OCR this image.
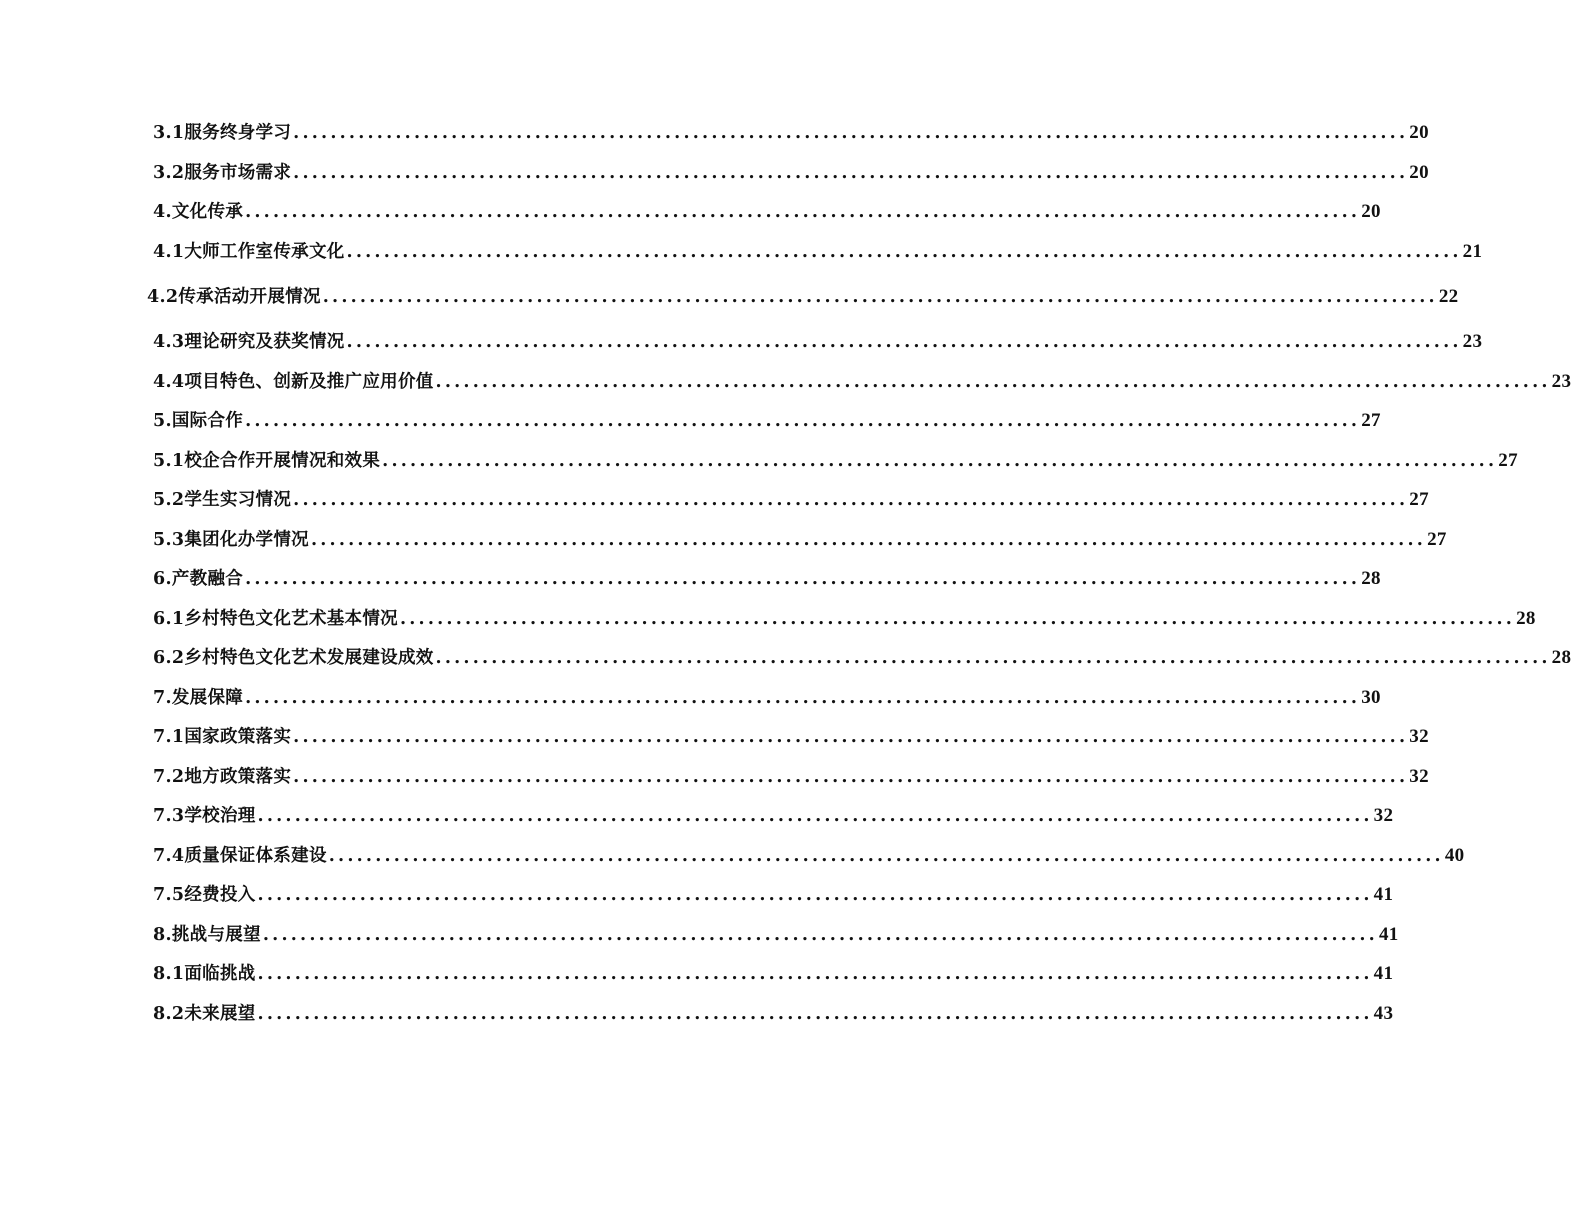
3.1服务终身学习 ........................................................................................................................ 20
3.2服务市场需求 ........................................................................................................................ 20
4.文化传承 ........................................................................................................................ 20
4.1大师工作室传承文化 ........................................................................................................................ 21
4.2传承活动开展情况 ........................................................................................................................ 22
4.3理论研究及获奖情况 ........................................................................................................................ 23
4.4项目特色、创新及推广应用价值 ........................................................................................................................ 23
5.国际合作 ........................................................................................................................ 27
5.1校企合作开展情况和效果 ........................................................................................................................ 27
5.2学生实习情况 ........................................................................................................................ 27
5.3集团化办学情况 ........................................................................................................................ 27
6.产教融合 ........................................................................................................................ 28
6.1乡村特色文化艺术基本情况 ........................................................................................................................ 28
6.2乡村特色文化艺术发展建设成效 ........................................................................................................................ 28
7.发展保障 ........................................................................................................................ 30
7.1国家政策落实 ........................................................................................................................ 32
7.2地方政策落实 ........................................................................................................................ 32
7.3学校治理 ........................................................................................................................ 32
7.4质量保证体系建设 ........................................................................................................................ 40
7.5经费投入 ........................................................................................................................ 41
8.挑战与展望 ........................................................................................................................ 41
8.1面临挑战 ........................................................................................................................ 41
8.2未来展望 ........................................................................................................................ 43
